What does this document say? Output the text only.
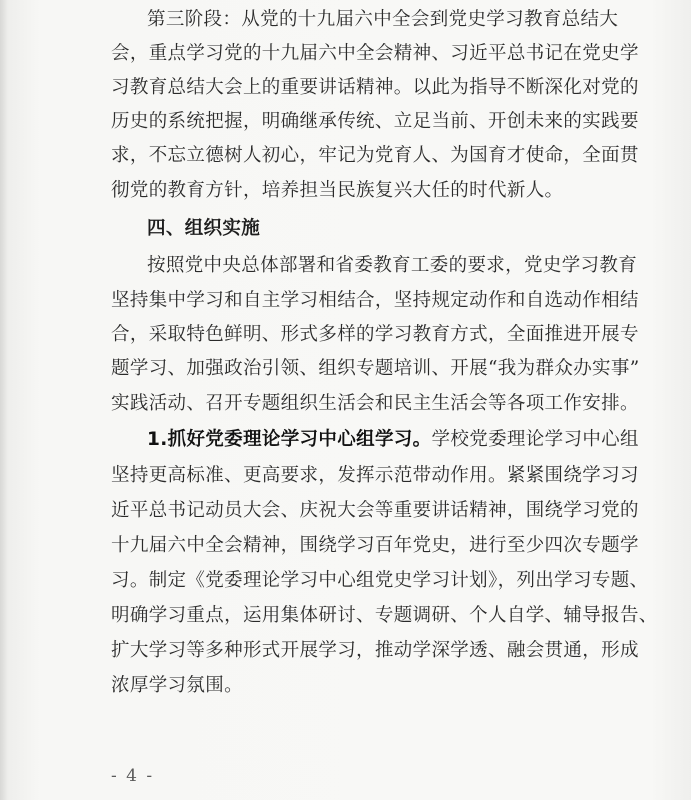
第三阶段：从党的十九届六中全会到党史学习教育总结大
会，重点学习党的十九届六中全会精神、习近平总书记在党史学
习教育总结大会上的重要讲话精神。以此为指导不断深化对党的
历史的系统把握，明确继承传统、立足当前、开创未来的实践要
求，不忘立德树人初心，牢记为党育人、为国育才使命，全面贯
彻党的教育方针，培养担当民族复兴大任的时代新人。
四、组织实施
按照党中央总体部署和省委教育工委的要求，党史学习教育
坚持集中学习和自主学习相结合，坚持规定动作和自选动作相结
合，采取特色鲜明、形式多样的学习教育方式，全面推进开展专
题学习、加强政治引领、组织专题培训、开展“我为群众办实事”
实践活动、召开专题组织生活会和民主生活会等各项工作安排。
1.抓好党委理论学习中心组学习。学校党委理论学习中心组
坚持更高标准、更高要求，发挥示范带动作用。紧紧围绕学习习
近平总书记动员大会、庆祝大会等重要讲话精神，围绕学习党的
十九届六中全会精神，围绕学习百年党史，进行至少四次专题学
习。制定《党委理论学习中心组党史学习计划》，列出学习专题、
明确学习重点，运用集体研讨、专题调研、个人自学、辅导报告、
扩大学习等多种形式开展学习，推动学深学透、融会贯通，形成
浓厚学习氛围。
- 4 -
